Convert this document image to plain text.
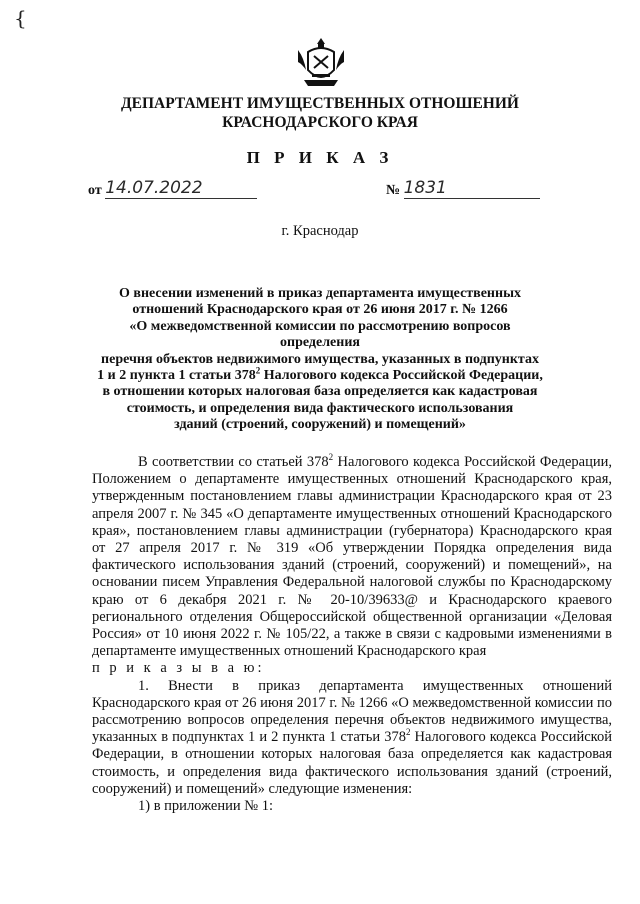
{
ДЕПАРТАМЕНТ ИМУЩЕСТВЕННЫХ ОТНОШЕНИЙ
КРАСНОДАРСКОГО КРАЯ
П Р И К А З
от 14.07.2022	№ 1831
г. Краснодар
О внесении изменений в приказ департамента имущественных
отношений Краснодарского края от 26 июня 2017 г. № 1266
«О межведомственной комиссии по рассмотрению вопросов определения
перечня объектов недвижимого имущества, указанных в подпунктах
1 и 2 пункта 1 статьи $378^2$ Налогового кодекса Российской Федерации,
в отношении которых налоговая база определяется как кадастровая
стоимость, и определения вида фактического использования
зданий (строений, сооружений) и помещений»

В соответствии со статьей $378^2$ Налогового кодекса Российской Федерации, Положением о департаменте имущественных отношений Краснодарского края, утвержденным постановлением главы администрации Краснодарского края от 23 апреля 2007 г. № 345 «О департаменте имущественных отношений Краснодарского края», постановлением главы администрации (губернатора) Краснодарского края от 27 апреля 2017 г. № 319 «Об утверждении Порядка определения вида фактического использования зданий (строений, сооружений) и помещений», на основании писем Управления Федеральной налоговой службы по Краснодарскому краю от 6 декабря 2021 г. № 20-10/39633@ и Краснодарского краевого регионального отделения Общероссийской общественной организации «Деловая Россия» от 10 июня 2022 г. № 105/22, а также в связи с кадровыми изменениями в департаменте имущественных отношений Краснодарского края
п р и к а з ы в а ю:

1. Внести в приказ департамента имущественных отношений Краснодарского края от 26 июня 2017 г. № 1266 «О межведомственной комиссии по рассмотрению вопросов определения перечня объектов недвижимого имущества, указанных в подпунктах 1 и 2 пункта 1 статьи $378^2$ Налогового кодекса Российской Федерации, в отношении которых налоговая база определяется как кадастровая стоимость, и определения вида фактического использования зданий (строений, сооружений) и помещений» следующие изменения:

1) в приложении № 1:
